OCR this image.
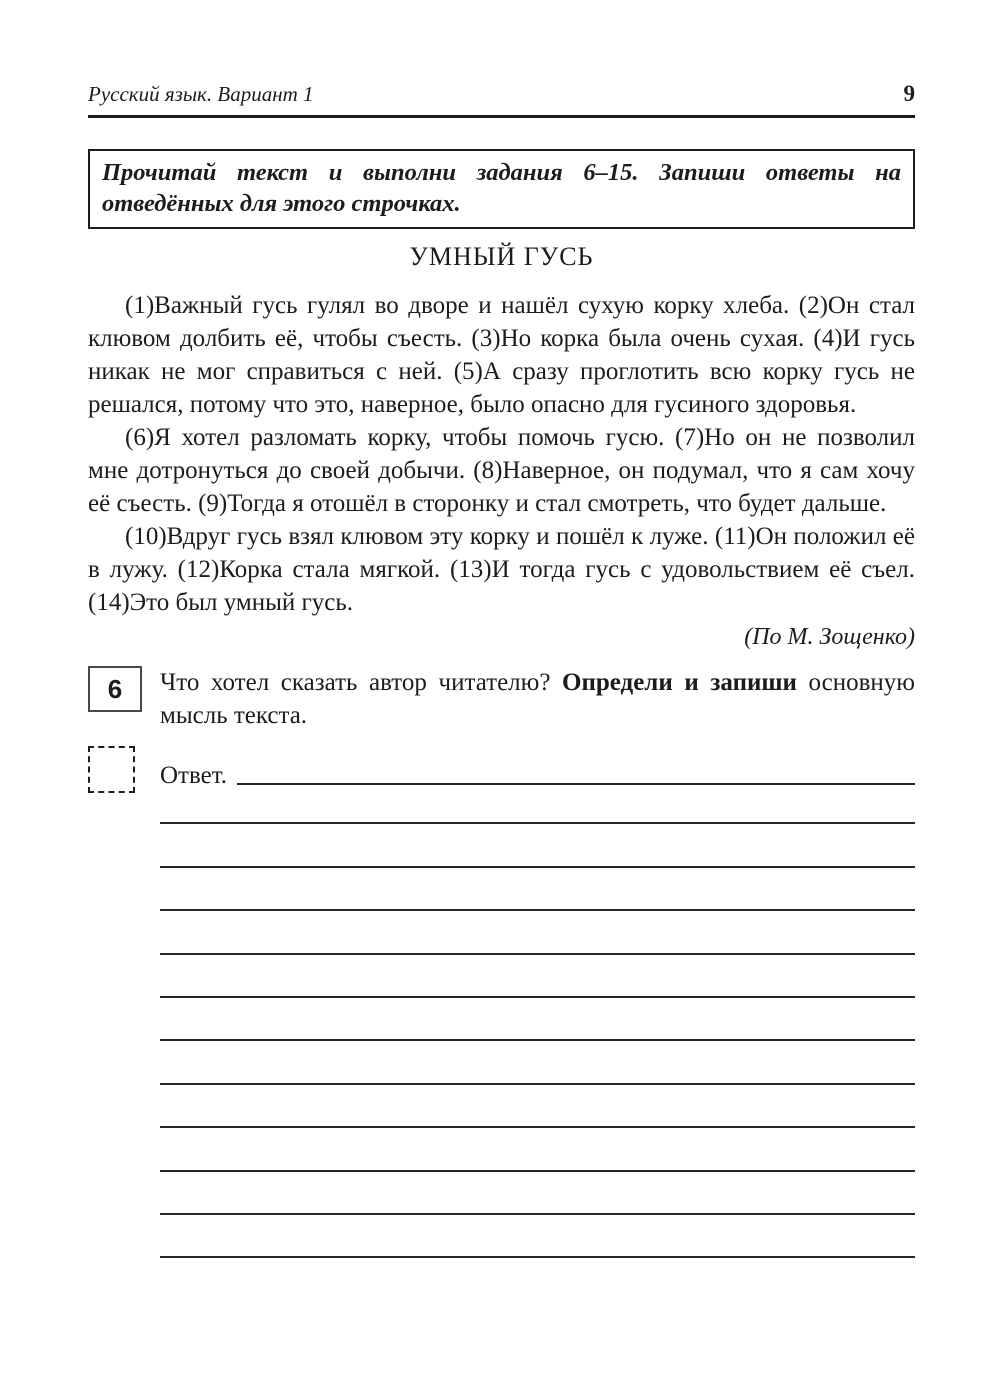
Русский язык. Вариант 1	9
Прочитай текст и выполни задания 6–15. Запиши ответы на отведённых для этого строчках.
УМНЫЙ ГУСЬ

(1)Важный гусь гулял во дворе и нашёл сухую корку хлеба. (2)Он стал клювом долбить её, чтобы съесть. (3)Но корка была очень сухая. (4)И гусь никак не мог справиться с ней. (5)А сразу проглотить всю корку гусь не решался, потому что это, наверное, было опасно для гусиного здоровья.

(6)Я хотел разломать корку, чтобы помочь гусю. (7)Но он не позволил мне дотронуться до своей добычи. (8)Наверное, он подумал, что я сам хочу её съесть. (9)Тогда я отошёл в сторонку и стал смотреть, что будет дальше.

(10)Вдруг гусь взял клювом эту корку и пошёл к луже. (11)Он положил её в лужу. (12)Корка стала мягкой. (13)И тогда гусь с удовольствием её съел. (14)Это был умный гусь.

(По М. Зощенко)
6 Что хотел сказать автор читателю? Определи и запиши основную мысль текста.
Ответ.
